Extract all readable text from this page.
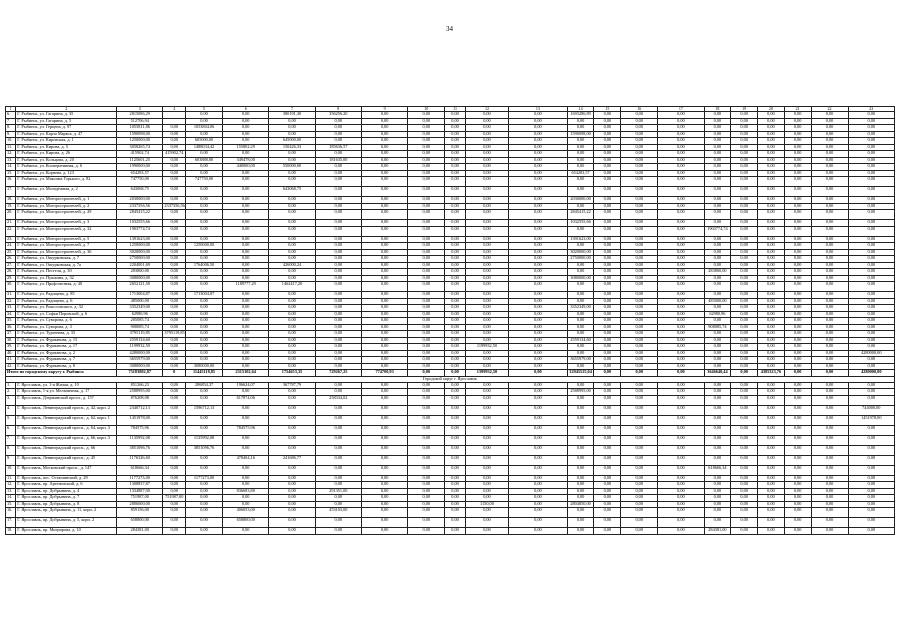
34
1	2	3	4	5	6	7	8	9	10	11	12	13	14	15	16	17	18	19	20	21	22	23
6.	Г. Рыбинск, ул. Гагарина, д. 35	2815086,29		0,00	0,00	380191,30	356256,20	0,00	0,00	0,00	0,00	0,00	1693286,89	0,00	0,00	0,00	0,00	0,00	0,00	0,00	0,00	0,00
7.	Г. Рыбинск, ул. Гагарина, д. 5	512706,94		0,00	0,00	0,00	0,00	0,00	0,00	0,00	0,00	0,00	0,00	0,00	0,00	0,00	0,00	0,00	0,00	0,00	0,00	0,00
8.	Г. Рыбинск, ул. Герцена, д. 97	1055811,86	0,00	1053804,06	0,00	0,00	0,00	0,00	0,00	0,00	0,00	0,00	0,00	0,00	0,00	0,00	0,00	0,00	0,00	0,00	0,00	0,00
9.	Г. Рыбинск, ул. Карла Маркса, д. 47	1590098,00	0,00	0,00	0,00	0,00	0,00	0,00	0,00	0,00	0,00	0,00	1590098,00	0,00	0,00	0,00	0,00	0,00	0,00	0,00	0,00	0,00
10.	Г. Рыбинск, ул. Кировская, д. 1	1250000,00	0,00	605000,00	0,00	645000,00	0,00	0,00	0,00	0,00	0,00	0,00	0,00	0,00	0,00	0,00	0,00	0,00	0,00	0,00	0,00	0,00
11.	Г. Рыбинск, ул. Кирова, д. 5	3058265,74	0,00	1488034,42	155802,29	150426,33	185636,57	0,00	0,00	0,00	0,00	0,00	0,00	0,00	0,00	0,00	0,00	0,00	0,00	0,00	0,00	0,00
12.	Г. Рыбинск, ул. Кирова, д. 26	415902,74	415902,74	0,00	0,00	0,00	0,00	0,00	0,00	0,00	0,00	0,00	0,00	0,00	0,00	0,00	0,00	0,00	0,00	0,00	0,00	0,00
13.	Г. Рыбинск, ул. Кольцова, д. 20	1125601,25	0,00	603888,80	349478,00	0,00	181635,00	0,00	0,00	0,00	0,00	0,00	0,00	0,00	0,00	0,00	0,00	0,00	0,00	0,00	0,00	0,00
14.	Г. Рыбинск, ул. Кооперативная, д. 6	1990000,00	0,00	0,00	440000,00	550000,00	0,00	0,00	0,00	0,00	0,00	0,00	0,00	0,00	0,00	0,00	0,00	0,00	0,00	0,00	0,00	0,00
15.	Г. Рыбинск, ул. Корнева, д. 123	654283,57	0,00	0,00	0,00	0,00	0,00	0,00	0,00	0,00	0,00	0,00	654283,57	0,00	0,00	0,00	0,00	0,00	0,00	0,00	0,00	0,00
16.	Г. Рыбинск, ул. Максима Горького, д. 82	747750,00	0,00	747750,00	0,00	0,00	0,00	0,00	0,00	0,00	0,00	0,00	0,00	0,00	0,00	0,00	0,00	0,00	0,00	0,00	0,00	0,00
17.	Г. Рыбинск, ул. Молодежная, д. 2	643068,75	0,00	0,00	0,00	643068,75	0,00	0,00	0,00	0,00	0,00	0,00	0,00	0,00	0,00	0,00	0,00	0,00	0,00	0,00	0,00	0,00
18.	Г. Рыбинск, ул. Моторостроителей, д. 1	2030000,00	0,00	0,00	0,00	0,00	0,00	0,00	0,00	0,00	0,00	0,00	2030000,00	0,00	0,00	0,00	0,00	0,00	0,00	0,00	0,00	0,00
19.	Г. Рыбинск, ул. Моторостроителей, д. 2	2337356,56	2337356,56	0,00	0,00	0,00	0,00	0,00	0,00	0,00	0,00	0,00	0,00	0,00	0,00	0,00	0,00	0,00	0,00	0,00	0,00	0,00
20.	Г. Рыбинск, ул. Моторостроителей, д. 29	2845415,22	0,00	0,00	0,00	0,00	0,00	0,00	0,00	0,00	0,00	0,00	2845415,22	0,00	0,00	0,00	0,00	0,00	0,00	0,00	0,00	0,00
21.	Г. Рыбинск, ул. Моторостроителей, д. 3	1032555,66	0,00	0,00	0,00	0,00	0,00	0,00	0,00	0,00	0,00	0,00	1032555,66	0,00	0,00	0,00	0,00	0,00	0,00	0,00	0,00	0,00
22.	Г. Рыбинск, ул. Моторостроителей, д. 32	1903774,74	0,00	0,00	0,00	0,00	0,00	0,00	0,00	0,00	0,00	0,00	0,00	0,00	0,00	0,00	1903774,74	0,00	0,00	0,00	0,00	0,00
23.	Г. Рыбинск, ул. Моторостроителей, д. 5	1391623,00	0,00	0,00	0,00	0,00	0,00	0,00	0,00	0,00	0,00	0,00	1391623,00	0,00	0,00	0,00	0,00	0,00	0,00	0,00	0,00	0,00
24.	Г. Рыбинск, ул. Моторостроителей, д. 7	1250000,00	0,00	1250000,00	0,00	0,00	0,00	0,00	0,00	0,00	0,00	0,00	0,00	0,00	0,00	0,00	0,00	0,00	0,00	0,00	0,00	0,00
25.	Г. Рыбинск, ул. Моторостроителей, д. 36	3020000,00	0,00	0,00	0,00	0,00	0,00	0,00	0,00	0,00	0,00	0,00	3020000,00	0,00	0,00	0,00	0,00	0,00	0,00	0,00	0,00	0,00
26.	Г. Рыбинск, ул. Ошурковская, д. 7	2750000,00	0,00	0,00	0,00	0,00	0,00	0,00	0,00	0,00	0,00	0,00	2750000,00	0,00	0,00	0,00	0,00	0,00	0,00	0,00	0,00	0,00
27.	Г. Рыбинск, ул. Ошурковская, д. 7а	2204001,69	0,00	1764006,50	0,00	426000,24	0,00	0,00	0,00	0,00	0,00	0,00	0,00	0,00	0,00	0,00	0,00	0,00	0,00	0,00	0,00	0,00
28.	Г. Рыбинск, ул. Пестеля, д. 30	283800,00	0,00	0,00	0,00	0,00	0,00	0,00	0,00	0,00	0,00	0,00	0,00	0,00	0,00	0,00	283800,00	0,00	0,00	0,00	0,00	0,00
29.	Г. Рыбинск, ул. Пушкина, д. 32	3080000,00	0,00	0,00	0,00	0,00	0,00	0,00	0,00	0,00	0,00	0,00	3080000,00	0,00	0,00	0,00	0,00	0,00	0,00	0,00	0,00	0,00
30.	Г. Рыбинск, ул. Профсоюзная, д. 40	2652121,50	0,00	0,00	1189777,29	1462417,20	0,00	0,00	0,00	0,00	0,00	0,00	0,00	0,00	0,00	0,00	0,00	0,00	0,00	0,00	0,00	0,00
31.	Г. Рыбинск, ул. Радищева, д. 85	1713004,87	0,00	1713004,87	0,00	0,00	0,00	0,00	0,00	0,00	0,00	0,00	0,00	0,00	0,00	0,00	0,00	0,00	0,00	0,00	0,00	0,00
32.	Г. Рыбинск, ул. Радищева, д. 6	485000,00	0,00	0,00	0,00	0,00	0,00	0,00	0,00	0,00	0,00	0,00	0,00	0,00	0,00	0,00	485000,00	0,00	0,00	0,00	0,00	0,00
33.	Г. Рыбинск, ул. Рокоссовского, д. 32	3352349,00	0,00	0,00	0,00	0,00	0,00	0,00	0,00	0,00	0,00	0,00	3352349,00	0,00	0,00	0,00	0,00	0,00	0,00	0,00	0,00	0,00
34.	Г. Рыбинск, ул. Софьи Перовской, д. 6	62980,96	0,00	0,00	0,00	0,00	0,00	0,00	0,00	0,00	0,00	0,00	0,00	0,00	0,00	0,00	62980,96	0,00	0,00	0,00	0,00	0,00
35.	Г. Рыбинск, ул. Суворова, д. 6	205085,74	0,00	0,00	0,00	0,00	0,00	0,00	0,00	0,00	0,00	0,00	0,00	0,00	0,00	0,00	0,00	0,00	0,00	0,00	0,00	0,00
36.	Г. Рыбинск, ул. Суворова, д. 3	908085,74	0,00	0,00	0,00	0,00	0,00	0,00	0,00	0,00	0,00	0,00	0,00	0,00	0,00	0,00	908085,74	0,00	0,00	0,00	0,00	0,00
37.	Г. Рыбинск, ул. Тургенева, д. 33	3795119,85	3795119,85	0,00	0,00	0,00	0,00	0,00	0,00	0,00	0,00	0,00	0,00	0,00	0,00	0,00	0,00	0,00	0,00	0,00	0,00	0,00
38.	Г. Рыбинск, ул. Фурманова, д. 15	2559134,60	0,00	0,00	0,00	0,00	0,00	0,00	0,00	0,00	0,00	0,00	2559134,60	0,00	0,00	0,00	0,00	0,00	0,00	0,00	0,00	0,00
39.	Г. Рыбинск, ул. Фурманова, д. 17	1199932,50	0,00	0,00	0,00	0,00	0,00	0,00	0,00	0,00	1199932,50	0,00	0,00	0,00	0,00	0,00	0,00	0,00	0,00	0,00	0,00	0,00
40.	Г. Рыбинск, ул. Фурманова, д. 2	4280000,00	0,00	0,00	0,00	0,00	0,00	0,00	0,00	0,00	0,00	0,00	0,00	0,00	0,00	0,00	0,00	0,00	0,00	0,00	0,00	4280000,00
41.	Г. Рыбинск, ул. Фурманова, д. 7	3655979,00	0,00	0,00	0,00	0,00	0,00	0,00	0,00	0,00	0,00	0,00	3655979,00	0,00	0,00	0,00	0,00	0,00	0,00	0,00	0,00	0,00
42.	Г. Рыбинск, ул. Фурманова, д. 8	3080000,00	0,00	3080000,00	0,00	0,00	0,00	0,00	0,00	0,00	0,00	0,00	0,00	0,00	0,00	0,00	0,00	0,00	0,00	0,00	0,00	0,00
Итого по городскому округу г. Рыбинск		73183802,87	0	11445118,85	2315102,64	1754653,35	729267,25	774700,93	0,00	0,00	1399932,50	0,00	32945525,04	0,00	0,00	0,00	3646640,44	0,00	4385323,76	0,00	0,00	4280000,00
Городской округ г. Ярославль																						
1.	Г. Ярославль, ул. 1-я Жилая, д. 10	851266,23	0,00	286854,37	196624,07	367787,79	0,00	0,00	0,00	0,00	0,00	0,00	0,00	0,00	0,00	0,00	0,00	0,00	0,00	0,00	0,00	0,00
2.	Г. Ярославль, 1-я ул. Мельничная, д. 17	2588995,00	0,00	0,00	0,00	0,00	0,00	0,00	0,00	0,00	0,00	0,00	2588995,00	0,00	0,00	0,00	0,00	0,00	0,00	0,00	0,00	0,00
3.	Г. Ярославль, Дзержинский просп., д. 157	876208,08	0,00	0,00	617874,06	0,00	258334,02	0,00	0,00	0,00	0,00	0,00	0,00	0,00	0,00	0,00	0,00	0,00	0,00	0,00	0,00	0,00
4.	Г. Ярославль, Ленинградский просп., д. 42, корп. 2	2340712,13	0,00	1596712,13	0,00	0,00	0,00	0,00	0,00	0,00	0,00	0,00	0,00	0,00	0,00	0,00	0,00	0,00	0,00	0,00	0,00	744000,00
5.	Г. Ярославль, Ленинградский просп., д. 62, корп. 1	1451978,00	0,00	0,00	0,00	0,00	0,00	0,00	0,00	0,00	0,00	0,00	0,00	0,00	0,00	0,00	0,00	0,00	0,00	0,00	0,00	1451978,00
6.	Г. Ярославль, Ленинградский просп., д. 64, корп. 3	784575,96	0,00	0,00	784575,96	0,00	0,00	0,00	0,00	0,00	0,00	0,00	0,00	0,00	0,00	0,00	0,00	0,00	0,00	0,00	0,00	0,00
7.	Г. Ярославль, Ленинградский просп., д. 66, корп. 3	1135992,08	0,00	1135992,08	0,00	0,00	0,00	0,00	0,00	0,00	0,00	0,00	0,00	0,00	0,00	0,00	0,00	0,00	0,00	0,00	0,00	0,00
8.	Г. Ярославль, Ленинградский просп., д. 66	3851096,76	0,00	3851096,76	0,00	0,00	0,00	0,00	0,00	0,00	0,00	0,00	0,00	0,00	0,00	0,00	0,00	0,00	0,00	0,00	0,00	0,00
9.	Г. Ярославль, Ленинградский просп., д. 45	1176326,60	0,00	0,00	478404,16	241686,77	0,00	0,00	0,00	0,00	0,00	0,00	0,00	0,00	0,00	0,00	0,00	0,00	0,00	0,00	0,00	0,00
10.	Г. Ярославль, Московский просп., д. 147	618666,34	0,00	0,00	0,00	0,00	0,00	0,00	0,00	0,00	0,00	0,00	0,00	0,00	0,00	0,00	618666,34	0,00	0,00	0,00	0,00	0,00
11.	Г. Ярославль, пос. Осташинский, д. 29	1177273,00	0,00	1177273,00	0,00	0,00	0,00	0,00	0,00	0,00	0,00	0,00	0,00	0,00	0,00	0,00	0,00	0,00	0,00	0,00	0,00	0,00
12.	Г. Ярославль, пр. Артемовский, д. 6	1308837,87	0,00	0,00	0,00	0,00	0,00	0,00	0,00	0,00	0,00	0,00	0,00	0,00	0,00	0,00	0,00	0,00	0,00	0,00	0,00	0,00
13.	Г. Ярославль, пр. Добрынина, д. 4	1334887,00	0,00	0,00	836683,80	0,00	291351,00	0,00	0,00	0,00	0,00	0,00	0,00	0,00	0,00	0,00	0,00	0,00	0,00	0,00	0,00	0,00
14.	Г. Ярославль, пр. Добрынина, д. 7	751987,00	751987,00	0,00	0,00	0,00	0,00	0,00	0,00	0,00	0,00	0,00	0,00	0,00	0,00	0,00	0,00	0,00	0,00	0,00	0,00	0,00
15.	Г. Ярославль, пр. Добрынина, д. 8	2806000,00	0,00	0,00	0,00	0,00	0,00	0,00	0,00	0,00	1150,00	0,00	2804850,00	0,00	0,00	0,00	0,00	0,00	0,00	0,00	0,00	0,00
16.	Г. Ярославль, пр. Добрынина, д. 11, корп. 2	859156,00	0,00	0,00	406053,00	0,00	453103,00	0,00	0,00	0,00	0,00	0,00	0,00	0,00	0,00	0,00	0,00	0,00	0,00	0,00	0,00	0,00
17.	Г. Ярославль, пр. Добрынина, д. 5, корп. 2	658800,00	0,00	0,00	658800,00	0,00	0,00	0,00	0,00	0,00	0,00	0,00	0,00	0,00	0,00	0,00	0,00	0,00	0,00	0,00	0,00	0,00
18.	Г. Ярославль, пр. Мигрирова, д. 10	284381,00	0,00	0,00	0,00	0,00	0,00	0,00	0,00	0,00	0,00	0,00	0,00	0,00	0,00	0,00	284381,00	0,00	0,00	0,00	0,00	0,00
